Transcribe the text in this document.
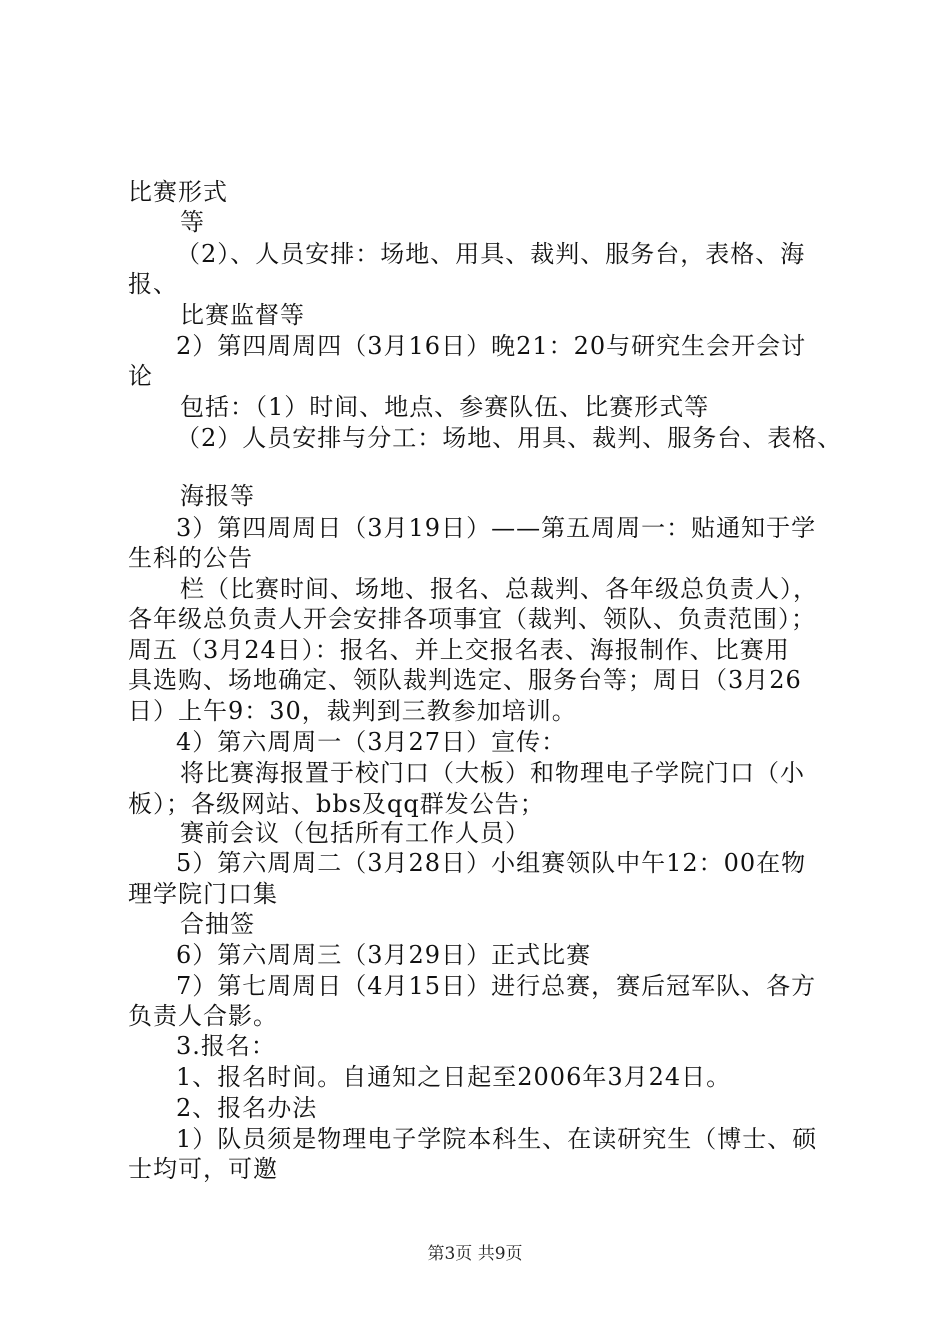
比赛形式
等
（2）、人员安排：场地、用具、裁判、服务台，表格、海
报、
比赛监督等
2）第四周周四（3月16日）晚21：20与研究生会开会讨
论
包括：（1）时间、地点、参赛队伍、比赛形式等
（2）人员安排与分工：场地、用具、裁判、服务台、表格、
海报等
3）第四周周日（3月19日）——第五周周一：贴通知于学
生科的公告
栏（比赛时间、场地、报名、总裁判、各年级总负责人），
各年级总负责人开会安排各项事宜（裁判、领队、负责范围）；
周五（3月24日）：报名、并上交报名表、海报制作、比赛用
具选购、场地确定、领队裁判选定、服务台等；周日（3月26
日）上午9：30，裁判到三教参加培训。
4）第六周周一（3月27日）宣传：
将比赛海报置于校门口（大板）和物理电子学院门口（小
板）；各级网站、bbs及qq群发公告；
赛前会议（包括所有工作人员）
5）第六周周二（3月28日）小组赛领队中午12：00在物
理学院门口集
合抽签
6）第六周周三（3月29日）正式比赛
7）第七周周日（4月15日）进行总赛，赛后冠军队、各方
负责人合影。
3.报名：
1、报名时间。自通知之日起至2006年3月24日。
2、报名办法
1）队员须是物理电子学院本科生、在读研究生（博士、硕
士均可，可邀
第3页 共9页
